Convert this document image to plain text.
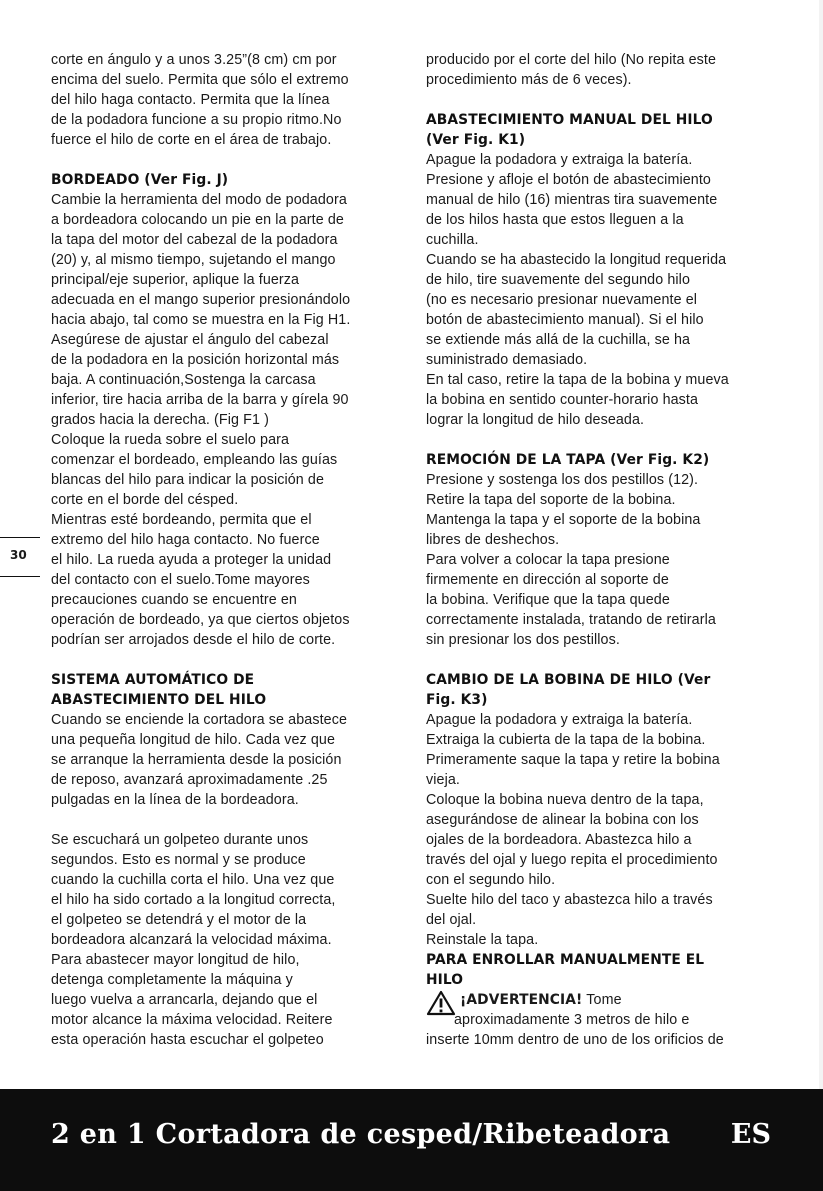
corte en ángulo y a unos 3.25”(8 cm) cm por

encima del suelo. Permita que sólo el extremo

del hilo haga contacto. Permita que la línea

de la podadora funcione a su propio ritmo.No

fuerce el hilo de corte en el área de trabajo.

BORDEADO (Ver Fig. J)

Cambie la herramienta del modo de podadora

a bordeadora colocando un pie en la parte de

la tapa del motor del cabezal de la podadora

(20) y, al mismo tiempo, sujetando el mango

principal/eje superior, aplique la fuerza

adecuada en el mango superior presionándolo

hacia abajo, tal como se muestra en la Fig H1.

Asegúrese de ajustar el ángulo del cabezal

de la podadora en la posición horizontal más

baja. A continuación,Sostenga la carcasa

inferior, tire hacia arriba de la barra y gírela 90

grados hacia la derecha. (Fig F1 )

Coloque la rueda sobre el suelo para

comenzar el bordeado, empleando las guías

blancas del hilo para indicar la posición de

corte en el borde del césped.

Mientras esté bordeando, permita que el

extremo del hilo haga contacto. No fuerce

el hilo. La rueda ayuda a proteger la unidad

del contacto con el suelo.Tome mayores

precauciones cuando se encuentre en

operación de bordeado, ya que ciertos objetos

podrían ser arrojados desde el hilo de corte.

SISTEMA AUTOMÁTICO DE
ABASTECIMIENTO DEL HILO

Cuando se enciende la cortadora se abastece

una pequeña longitud de hilo. Cada vez que

se arranque la herramienta desde la posición

de reposo, avanzará aproximadamente .25

pulgadas en la línea de la bordeadora.

Se escuchará un golpeteo durante unos

segundos. Esto es normal y se produce

cuando la cuchilla corta el hilo. Una vez que

el hilo ha sido cortado a la longitud correcta,

el golpeteo se detendrá y el motor de la

bordeadora alcanzará la velocidad máxima.

Para abastecer mayor longitud de hilo,

detenga completamente la máquina y

luego vuelva a arrancarla, dejando que el

motor alcance la máxima velocidad. Reitere

esta operación hasta escuchar el golpeteo

30

producido por el corte del hilo (No repita este

procedimiento más de 6 veces).

ABASTECIMIENTO MANUAL DEL HILO
(Ver Fig. K1)

Apague la podadora y extraiga la batería.

Presione y afloje el botón de abastecimiento

manual de hilo (16) mientras tira suavemente

de los hilos hasta que estos lleguen a la

cuchilla.

Cuando se ha abastecido la longitud requerida

de hilo, tire suavemente del segundo hilo

(no es necesario presionar nuevamente el

botón de abastecimiento manual). Si el hilo

se extiende más allá de la cuchilla, se ha

suministrado demasiado.

En tal caso, retire la tapa de la bobina y mueva

la bobina en sentido counter-horario hasta

lograr la longitud de hilo deseada.

REMOCIÓN DE LA TAPA (Ver Fig. K2)

Presione y sostenga los dos pestillos (12).

Retire la tapa del soporte de la bobina.

Mantenga la tapa y el soporte de la bobina

libres de deshechos.

Para volver a colocar la tapa presione

firmemente en dirección al soporte de

la bobina. Verifique que la tapa quede

correctamente instalada, tratando de retirarla

sin presionar los dos pestillos.

CAMBIO DE LA BOBINA DE HILO (Ver
Fig. K3)

Apague la podadora y extraiga la batería.

Extraiga la cubierta de la tapa de la bobina.

Primeramente saque la tapa y retire la bobina

vieja.

Coloque la bobina nueva dentro de la tapa,

asegurándose de alinear la bobina con los

ojales de la bordeadora. Abastezca hilo a

través del ojal y luego repita el procedimiento

con el segundo hilo.

Suelte hilo del taco y abastezca hilo a través

del ojal.

Reinstale la tapa.

PARA ENROLLAR MANUALMENTE EL
HILO

¡ADVERTENCIA! Tome

aproximadamente 3 metros de hilo e

inserte 10mm dentro de uno de los orificios de

2 en 1 Cortadora de cesped/Ribeteadora ES
